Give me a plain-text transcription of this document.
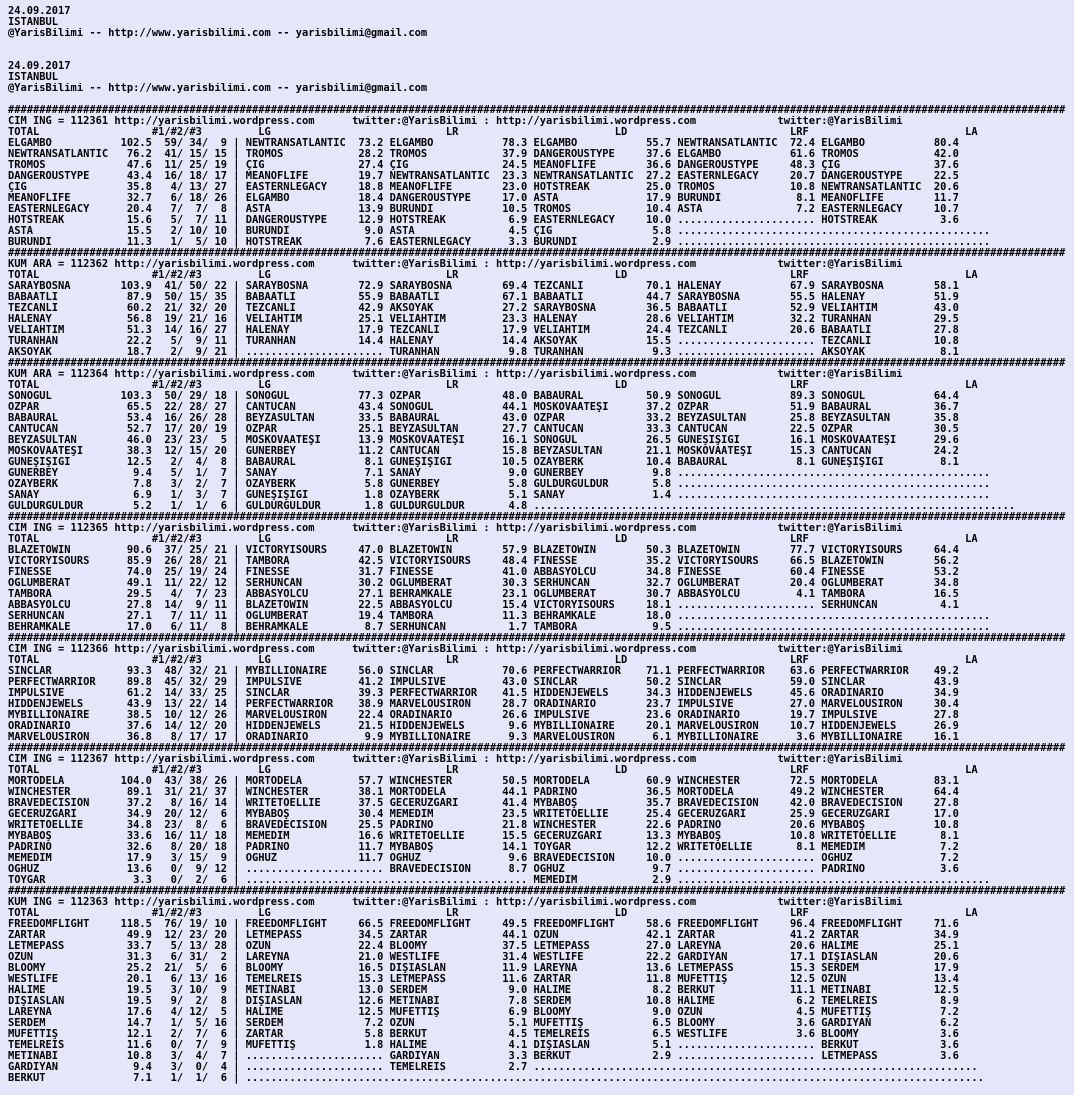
24.09.2017
ISTANBUL
@YarisBilimi -- http://www.yarisbilimi.com -- yarisbilimi@gmail.com
24.09.2017
ISTANBUL
@YarisBilimi -- http://www.yarisbilimi.com -- yarisbilimi@gmail.com
#########################################################################################################################################################################
CIM ING = 112361 http://yarisbilimi.wordpress.com      twitter:@YarisBilimi : http://yarisbilimi.wordpress.com             twitter:@YarisBilimi
TOTAL                  #1/#2/#3         LG                            LR                         LD                          LRF                         LA
ELGAMBO           102.5  59/ 34/  9 | NEWTRANSATLANTIC  73.2 ELGAMBO           78.3 ELGAMBO           55.7 NEWTRANSATLANTIC  72.4 ELGAMBO           80.4
NEWTRANSATLANTIC   76.2  41/ 15/ 15 | TROMOS            28.2 TROMOS            37.9 DANGEROUSTYPE     37.6 ELGAMBO           61.6 TROMOS            42.0
TROMOS             47.6  11/ 25/ 19 | ÇIĞ               27.4 ÇIĞ               24.5 MEANOFLIFE        36.6 DANGEROUSTYPE     48.3 ÇIĞ               37.6
DANGEROUSTYPE      43.4  16/ 18/ 17 | MEANOFLIFE        19.7 NEWTRANSATLANTIC  23.3 NEWTRANSATLANTIC  27.2 EASTERNLEGACY     20.7 DANGEROUSTYPE     22.5
ÇIĞ                35.8   4/ 13/ 27 | EASTERNLEGACY     18.8 MEANOFLIFE        23.0 HOTSTREAK         25.0 TROMOS            10.8 NEWTRANSATLANTIC  20.6
MEANOFLIFE         32.7   6/ 18/ 26 | ELGAMBO           18.4 DANGEROUSTYPE     17.0 ASTA              17.9 BURUNDI            8.1 MEANOFLIFE        11.7
EASTERNLEGACY      20.4   7/  7/  8 | ASTA              13.9 BURUNDI           10.5 TROMOS            10.4 ASTA               7.2 EASTERNLEGACY     10.7
HOTSTREAK          15.6   5/  7/ 11 | DANGEROUSTYPE     12.9 HOTSTREAK          6.9 EASTERNLEGACY     10.0 ...................... HOTSTREAK          3.6
ASTA               15.5   2/ 10/ 10 | BURUNDI            9.0 ASTA               4.5 ÇIĞ                5.8 ..................................................
BURUNDI            11.3   1/  5/ 10 | HOTSTREAK          7.6 EASTERNLEGACY      3.3 BURUNDI            2.9 ..................................................
#########################################################################################################################################################################
KUM ARA = 112362 http://yarisbilimi.wordpress.com      twitter:@YarisBilimi : http://yarisbilimi.wordpress.com             twitter:@YarisBilimi
TOTAL                  #1/#2/#3         LG                            LR                         LD                          LRF                         LA
SARAYBOSNA        103.9  41/ 50/ 22 | SARAYBOSNA        72.9 SARAYBOSNA        69.4 TEZCANLI          70.1 HALENAY           67.9 SARAYBOSNA        58.1
BABAATLI           87.9  50/ 15/ 35 | BABAATLI          55.9 BABAATLI          67.1 BABAATLI          44.7 SARAYBOSNA        55.5 HALENAY           51.9
TEZCANLI           60.2  21/ 32/ 20 | TEZCANLI          42.9 AKSOYAK           27.2 SARAYBOSNA        36.5 BABAATLI          52.9 VELIAHTIM         43.0
HALENAY            56.8  19/ 21/ 16 | VELIAHTIM         25.1 VELIAHTIM         23.3 HALENAY           28.6 VELIAHTIM         32.2 TURANHAN          29.5
VELIAHTIM          51.3  14/ 16/ 27 | HALENAY           17.9 TEZCANLI          17.9 VELIAHTIM         24.4 TEZCANLI          20.6 BABAATLI          27.8
TURANHAN           22.2   5/  9/ 11 | TURANHAN          14.4 HALENAY           14.4 AKSOYAK           15.5 ...................... TEZCANLI          10.8
AKSOYAK            18.7   2/  9/ 21 | ...................... TURANHAN           9.8 TURANHAN           9.3 ...................... AKSOYAK            8.1
#########################################################################################################################################################################
KUM ARA = 112364 http://yarisbilimi.wordpress.com      twitter:@YarisBilimi : http://yarisbilimi.wordpress.com             twitter:@YarisBilimi
TOTAL                  #1/#2/#3         LG                            LR                         LD                          LRF                         LA
SONOĞUL           103.3  50/ 29/ 18 | SONOĞUL           77.3 ÖZPAR             48.0 BABAURAL          50.9 SONOĞUL           89.3 SONOĞUL           64.4
ÖZPAR              65.5  22/ 28/ 27 | CANTUCAN          43.4 SONOĞUL           44.1 MOSKOVAATEŞİ      37.2 ÖZPAR             51.9 BABAURAL          36.7
BABAURAL           53.4  16/ 26/ 28 | BEYZASULTAN       33.5 BABAURAL          43.0 ÖZPAR             33.2 BEYZASULTAN       25.8 BEYZASULTAN       35.8
CANTUCAN           52.7  17/ 20/ 19 | ÖZPAR             25.1 BEYZASULTAN       27.7 CANTUCAN          33.3 CANTUCAN          22.5 ÖZPAR             30.5
BEYZASULTAN        46.0  23/ 23/  5 | MOSKOVAATEŞİ      13.9 MOSKOVAATEŞİ      16.1 SONOĞUL           26.5 GÜNEŞIŞIĞI        16.1 MOSKOVAATEŞİ      29.6
MOSKOVAATEŞİ       38.3  12/ 15/ 20 | GÜNERBEY          11.2 CANTUCAN          15.8 BEYZASULTAN       21.1 MOSKOVAATEŞİ      15.3 CANTUCAN          24.2
GÜNEŞIŞIĞI         12.5   2/  4/  8 | BABAURAL           8.1 GÜNEŞIŞIĞI        10.5 ÖZAYBERK          10.4 BABAURAL           8.1 GÜNEŞIŞIĞI         8.1
GÜNERBEY            9.4   5/  1/  7 | SANAY              7.1 SANAY              9.0 GÜNERBEY           9.8 ..................................................
ÖZAYBERK            7.8   3/  2/  7 | ÖZAYBERK           5.8 GÜNERBEY           5.8 GULDURGULDUR       5.8 ..................................................
SANAY               6.9   1/  3/  7 | GÜNEŞIŞIĞI         1.8 ÖZAYBERK           5.1 SANAY              1.4 ..................................................
GULDURGULDUR        5.2   1/  1/  6 | GULDURGULDUR       1.8 GULDURGULDUR       4.8 .............................................................................
#########################################################################################################################################################################
CIM ING = 112365 http://yarisbilimi.wordpress.com      twitter:@YarisBilimi : http://yarisbilimi.wordpress.com             twitter:@YarisBilimi
TOTAL                  #1/#2/#3         LG                            LR                         LD                          LRF                         LA
BLAZETOWIN         90.6  37/ 25/ 21 | VICTORYISOURS     47.0 BLAZETOWIN        57.9 BLAZETOWIN        50.3 BLAZETOWIN        77.7 VICTORYISOURS     64.4
VICTORYISOURS      85.9  26/ 28/ 21 | TAMBORA           42.5 VICTORYISOURS     48.4 FINESSE           35.2 VICTORYISOURS     66.5 BLAZETOWIN        56.2
FINESSE            74.0  25/ 19/ 24 | FINESSE           31.7 FINESSE           41.0 ABBASYOLCU        34.8 FINESSE           60.4 FINESSE           53.2
OGLUMBERAT         49.1  11/ 22/ 12 | SERHUNCAN         30.2 OGLUMBERAT        30.3 SERHUNCAN         32.7 OGLUMBERAT        20.4 OGLUMBERAT        34.8
TAMBORA            29.5   4/  7/ 23 | ABBASYOLCU        27.1 BEHRAMKALE        23.1 OGLUMBERAT        30.7 ABBASYOLCU         4.1 TAMBORA           16.5
ABBASYOLCU         27.8  14/  9/ 11 | BLAZETOWIN        22.5 ABBASYOLCU        15.4 VICTORYISOURS     18.1 ...................... SERHUNCAN          4.1
SERHUNCAN          27.1   7/ 11/ 11 | OGLUMBERAT        19.4 TAMBORA           11.3 BEHRAMKALE        18.0 ..................................................
BEHRAMKALE         17.0   6/ 11/  8 | BEHRAMKALE         8.7 SERHUNCAN          1.7 TAMBORA            9.5 ..................................................
#########################################################################################################################################################################
CIM ING = 112366 http://yarisbilimi.wordpress.com      twitter:@YarisBilimi : http://yarisbilimi.wordpress.com             twitter:@YarisBilimi
TOTAL                  #1/#2/#3         LG                            LR                         LD                          LRF                         LA
SINCLAR            93.3  48/ 32/ 21 | MYBILLIONAIRE     56.0 SINCLAR           70.6 PERFECTWARRIOR    71.1 PERFECTWARRIOR    63.6 PERFECTWARRIOR    49.2
PERFECTWARRIOR     89.8  45/ 32/ 29 | IMPULSIVE         41.2 IMPULSIVE         43.0 SINCLAR           50.2 SINCLAR           59.0 SINCLAR           43.9
IMPULSIVE          61.2  14/ 33/ 25 | SINCLAR           39.3 PERFECTWARRIOR    41.5 HIDDENJEWELS      34.3 HIDDENJEWELS      45.6 ORADINARIO        34.9
HIDDENJEWELS       43.9  13/ 22/ 14 | PERFECTWARRIOR    38.9 MARVELOUSIRON     28.7 ORADINARIO        23.7 IMPULSIVE         27.0 MARVELOUSIRON     30.4
MYBILLIONAIRE      38.5  10/ 12/ 26 | MARVELOUSIRON     22.4 ORADINARIO        26.6 IMPULSIVE         23.6 ORADINARIO        19.7 IMPULSIVE         27.8
ORADINARIO         37.6  14/ 12/ 20 | HIDDENJEWELS      21.5 HIDDENJEWELS       9.6 MYBILLIONAIRE     20.1 MARVELOUSIRON     10.7 HIDDENJEWELS      26.9
MARVELOUSIRON      36.8   8/ 17/ 17 | ORADINARIO         9.9 MYBILLIONAIRE      9.3 MARVELOUSIRON      6.1 MYBILLIONAIRE      3.6 MYBILLIONAIRE     16.1
#########################################################################################################################################################################
CIM ING = 112367 http://yarisbilimi.wordpress.com      twitter:@YarisBilimi : http://yarisbilimi.wordpress.com             twitter:@YarisBilimi
TOTAL                  #1/#2/#3         LG                            LR                         LD                          LRF                         LA
MORTODELA         104.0  43/ 38/ 26 | MORTODELA         57.7 WINCHESTER        50.5 MORTODELA         60.9 WINCHESTER        72.5 MORTODELA         83.1
WINCHESTER         89.1  31/ 21/ 37 | WINCHESTER        38.1 MORTODELA         44.1 PADRINO           36.5 MORTODELA         49.2 WINCHESTER        64.4
BRAVEDECISION      37.2   8/ 16/ 14 | WRITETOELLIE      37.5 GECERUZGARI       41.4 MYBABOŞ           35.7 BRAVEDECISION     42.0 BRAVEDECISION     27.8
GECERUZGARI        34.9  20/ 12/  6 | MYBABOŞ           30.4 MEMEDİM           23.5 WRITETOELLIE      25.4 GECERUZGARI       25.9 GECERUZGARI       17.0
WRITETOELLIE       34.8  23/  8/  6 | BRAVEDECISION     25.5 PADRINO           21.8 WINCHESTER        22.6 PADRINO           20.6 MYBABOŞ           10.8
MYBABOŞ            33.6  16/ 11/ 18 | MEMEDİM           16.6 WRITETOELLIE      15.5 GECERUZGARI       13.3 MYBABOŞ           10.8 WRITETOELLIE       8.1
PADRINO            32.6   8/ 20/ 18 | PADRINO           11.7 MYBABOŞ           14.1 TOYGAR            12.2 WRITETOELLIE       8.1 MEMEDİM            7.2
MEMEDİM            17.9   3/ 15/  9 | OGHUZ             11.7 OGHUZ              9.6 BRAVEDECISION     10.0 ...................... OGHUZ              7.2
OGHUZ              13.6   0/  9/ 12 | ...................... BRAVEDECISION      8.7 OGHUZ              9.7 ...................... PADRINO            3.6
TOYGAR              3.3   0/  2/  6 | ............................................. MEMEDİM            2.9 ..................................................
#########################################################################################################################################################################
KUM ING = 112363 http://yarisbilimi.wordpress.com      twitter:@YarisBilimi : http://yarisbilimi.wordpress.com             twitter:@YarisBilimi
TOTAL                  #1/#2/#3         LG                            LR                         LD                          LRF                         LA
FREEDOMFLIGHT     118.5  76/ 19/ 10 | FREEDOMFLIGHT     66.5 FREEDOMFLIGHT     49.5 FREEDOMFLIGHT     58.6 FREEDOMFLIGHT     96.4 FREEDOMFLIGHT     71.6
ZARTAR             49.9  12/ 23/ 20 | LETMEPASS         34.5 ZARTAR            44.1 ÖZÜN              42.1 ZARTAR            41.2 ZARTAR            34.9
LETMEPASS          33.7   5/ 13/ 28 | ÖZÜN              22.4 BLOOMY            37.5 LETMEPASS         27.0 LAREYNA           20.6 HALİME            25.1
ÖZÜN               31.3   6/ 31/  2 | LAREYNA           21.0 WESTLIFE          31.4 WESTLIFE          22.2 GARDİYAN          17.1 DİŞİASLAN         20.6
BLOOMY             25.2  21/  5/  6 | BLOOMY            16.5 DİŞİASLAN         11.9 LAREYNA           13.6 LETMEPASS         15.3 SERDEM            17.9
WESTLIFE           20.1   6/ 13/ 16 | TEMELREİS         15.3 LETMEPASS         11.6 ZARTAR            11.8 MÜFETTİŞ          12.5 ÖZÜN              13.4
HALİME             19.5   3/ 10/  9 | METİNABİ          13.0 SERDEM             9.0 HALİME             8.2 BERKUT            11.1 METİNABİ          12.5
DİŞİASLAN          19.5   9/  2/  8 | DİŞİASLAN         12.6 METİNABİ           7.8 SERDEM            10.8 HALİME             6.2 TEMELREİS          8.9
LAREYNA            17.6   4/ 12/  5 | HALİME            12.5 MÜFETTİŞ           6.9 BLOOMY             9.0 ÖZÜN               4.5 MÜFETTİŞ           7.2
SERDEM             14.7   1/  5/ 16 | SERDEM             7.2 ÖZÜN               5.1 MÜFETTİŞ           6.5 BLOOMY             3.6 GARDİYAN           6.2
MÜFETTİŞ           12.1   2/  7/  6 | ZARTAR             5.8 BERKUT             4.5 TEMELREİS          6.5 WESTLIFE           3.6 BLOOMY             3.6
TEMELREİS          11.6   0/  7/  9 | MÜFETTİŞ           1.8 HALİME             4.1 DİŞİASLAN          5.1 ...................... BERKUT             3.6
METİNABİ           10.8   3/  4/  7 | ...................... GARDİYAN           3.3 BERKUT             2.9 ...................... LETMEPASS          3.6
GARDİYAN            9.4   3/  0/  4 | ...................... TEMELREİS          2.7 .......................................................................
BERKUT              7.1   1/  1/  6 | ......................................................................................................................
